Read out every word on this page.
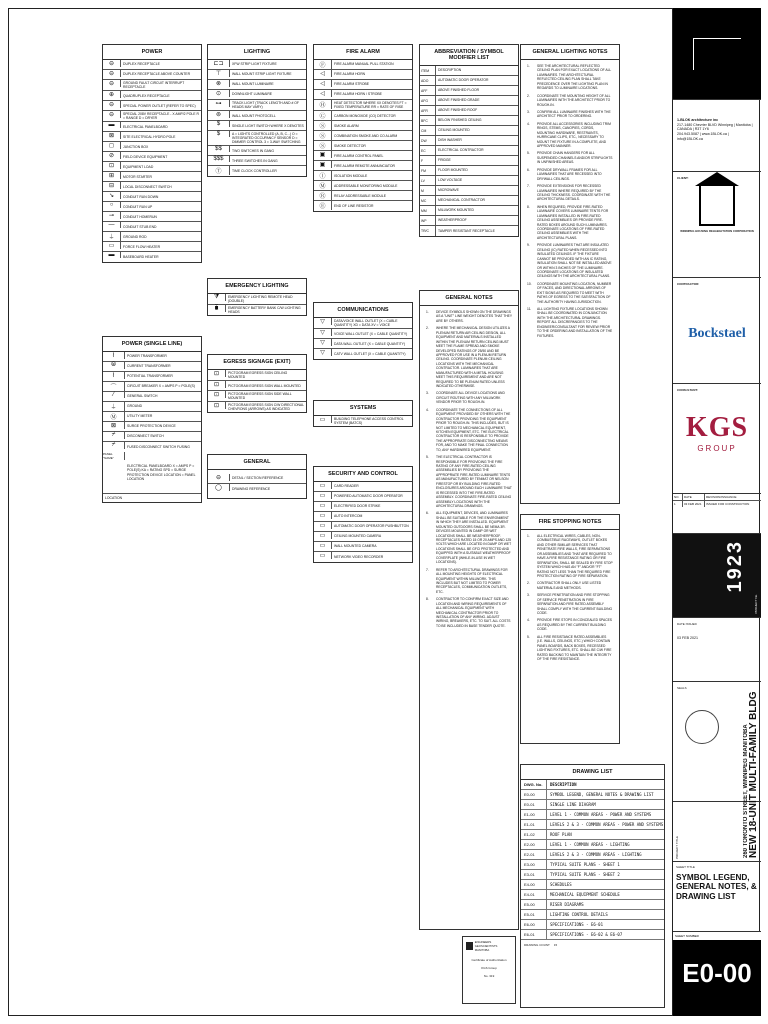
POWER
⊖	DUPLEX RECEPTACLE
⊖	DUPLEX RECEPTACLE ABOVE COUNTER
⊖	GROUND FAULT CIRCUIT INTERRUPT RECEPTACLE
⊕	QUADRUPLEX RECEPTACLE
⊖	SPECIAL POWER OUTLET (REFER TO SPEC)
⊖	SPECIAL 208V RECEPTACLE - X AMP/2 POLE R = RANGE D = DRYER
▬	ELECTRICAL PANELBOARD
⊠	SITE ELECTRICAL HYDRO POLE
◻	JUNCTION BOX
⊘	FIELD DEVICE EQUIPMENT
⊡	EQUIPMENT LOAD
⊞	MOTOR STARTER
⊟	LOCAL DISCONNECT SWITCH
↘	CONDUIT RUN DOWN
○	CONDUIT RUN UP
⊸	CONDUIT HOMERUN
—	CONDUIT STUB END
⏚	GROUND ROD
▭	FORCE FLOW HEATER
▬	BASEBOARD HEATER
POWER (SINGLE LINE)
⌇	POWER TRANSFORMER
⦾	CURRENT TRANSFORMER
⌇	POTENTIAL TRANSFORMER
⌒	CIRCUIT BREAKER X = AMPS P = POLE(S)
⁄	GENERAL SWITCH
⏚	GROUND
Ⓜ	UTILITY METER
⊠	SURGE PROTECTION DEVICE
⌿	DISCONNECT SWITCH
⌿	FUSED DISCONNECT SWITCH FUSING
PANEL "NAME"
ELECTRICAL PANELBOARD X = AMPS P = POLE(S) KA = RATING SPD = SURGE PROTECTION DEVICE LOCATION = PANEL LOCATION
LOCATION
LIGHTING
⊏⊐	XFW STRIP LIGHT FIXTURE
⊤	WALL MOUNT STRIP LIGHT FIXTURE
⊗	WALL MOUNT LUMINAIRE
⊙	DOWNLIGHT LUMINAIRE
⊶	TRACK LIGHT (TRACK LENGTH AND # OF HEADS MAY VARY)
⊚	WALL MOUNT PHOTOCELL
$	SINGLE LIGHT SWITCH WHERE X DENOTES
$	A = LIGHTS CONTROLLED (A, B, C...) O = INTEGRATED OCCUPANCY SENSOR D = DIMMER CONTROL 3 = 3-WAY SWITCHING
$$	TWO SWITCHES IN GANG
$$$	THREE SWITCHES IN GANG
Ⓣ	TIME CLOCK CONTROLLER
EMERGENCY LIGHTING
⧩	EMERGENCY LIGHTING REMOTE HEAD (DOUBLE)
⧯	EMERGENCY BATTERY BANK C/W LIGHTING HEADS
EGRESS SIGNAGE (EXIT)
⊡	PICTOGRAM EGRESS SIGN CEILING MOUNTED
⊡	PICTOGRAM EGRESS SIGN WALL MOUNTED
⊡	PICTOGRAM EGRESS SIGN SIDE WALL MOUNTED
⊡	PICTOGRAM EGRESS SIGN C/W DIRECTIONAL CHEVRONS (ARROWS) AS INDICATED
GENERAL
⊖	DETAIL / SECTION REFERENCE
◯	DRAWING REFERENCE
FIRE ALARM
Ⓕ	FIRE ALARM MANUAL PULL STATION
◁	FIRE ALARM HORN
◁	FIRE ALARM STROBE
◁	FIRE ALARM HORN / STROBE
Ⓗ	HEAT DETECTOR WHERE XX DENOTES FT = FIXED TEMPERATURE RR = RATE OF RISE
Ⓒ	CARBON MONOXIDE (CO) DETECTOR
Ⓢ	SMOKE ALARM
Ⓢ	COMBINATION SMOKE AND CO ALARM
Ⓢ	SMOKE DETECTOR
▣	FIRE ALARM CONTROL PANEL
▣	FIRE ALARM REMOTE ANNUNCIATOR
Ⓘ	ISOLATION MODULE
Ⓜ	ADDRESSABLE MONITORING MODULE
Ⓡ	RELAY ADDRESSABLE MODULE
Ⓔ	END OF LINE RESISTOR
COMMUNICATIONS
▽	DATA/VOICE WALL OUTLET (X = CABLE QUANTITY) XD = DATA XV = VOICE
▽	VOICE WALL OUTLET (X = CABLE QUANTITY)
▽	DATA WALL OUTLET (X = CABLE QUANTITY)
▽	CATV WALL OUTLET (X = CABLE QUANTITY)
SYSTEMS
▭	BUILDING TELEPHONE ACCESS CONTROL SYSTEM (BATCS)
SECURITY AND CONTROL
▭	CARD READER
▭	POWERED AUTOMATIC DOOR OPERATOR
▭	ELECTRIFIED DOOR STRIKE
▭	AUTO INTERCOM
▭	AUTOMATIC DOOR OPERATOR PUSHBUTTON
▭	CEILING MOUNTED CAMERA
▭	WALL MOUNTED CAMERA
▭	NETWORK VIDEO RECORDER
ABBREVIATION / SYMBOL MODIFIER LIST
ITEM	DESCRIPTION
ADO	AUTOMATIC DOOR OPERATOR
AFF	ABOVE FINISHED FLOOR
AFG	ABOVE FINISHED GRADE
AFR	ABOVE FINISHED ROOF
BFC	BELOW FINISHED CEILING
CM	CEILING MOUNTED
DW	DISH WASHER
EC	ELECTRICAL CONTRACTOR
F	FRIDGE
FM	FLOOR MOUNTED
LV	LOW VOLTAGE
M	MICROWAVE
MC	MECHANICAL CONTRACTOR
MM	MILLWORK MOUNTED
WP	WEATHERPROOF
TR/C	TAMPER RESISTANT RECEPTACLE
GENERAL NOTES
1.	DEVICE SYMBOLS SHOWN ON THE DRAWINGS AS A "UNIT" LINE WEIGHT DENOTES THAT THEY ARE BY OTHERS.
2.	WHERE THE MECHANICAL DESIGN UTILIZES A PLENUM RETURN AIR CEILING DESIGN, ALL EQUIPMENT AND MATERIALS INSTALLED WITHIN THE PLENUM RETURN CEILING MUST MEET THE FLAME SPREAD AND SMOKE DEVELOPED RATINGS OF 25/50 AND BE APPROVED FOR USE IN A PLENUM RETURN CEILING. COORDINATE PLENUM CEILING LOCATIONS WITH THE MECHANICAL CONTRACTOR. LUMINAIRES THAT ARE MANUFACTURED WITH A METAL HOUSING MEET THIS REQUIREMENT AND ARE NOT REQUIRED TO BE PLENUM RATED UNLESS INDICATED OTHERWISE.
3.	COORDINATE ALL DEVICE LOCATIONS AND CIRCUIT ROUTING WITH ANY MILLWORK VENDOR PRIOR TO ROUGH-IN.
4.	COORDINATE THE CONNECTIONS OF ALL EQUIPMENT PROVIDED BY OTHERS WITH THE CONTRACTOR PROVIDING THE EQUIPMENT PRIOR TO ROUGH-IN. THIS INCLUDES, BUT IS NOT LIMITED TO MECHANICAL EQUIPMENT, KITCHEN EQUIPMENT, ETC. THE ELECTRICAL CONTRACTOR IS RESPONSIBLE TO PROVIDE THE APPROPRIATE DISCONNECTING MEANS FOR, AND TO MAKE THE FINAL CONNECTION TO, ANY HARDWIRED EQUIPMENT.
5.	THE ELECTRICAL CONTRACTOR IS RESPONSIBLE FOR PROVIDING THE FIRE RATING OF ANY FIRE-RATED CEILING ASSEMBLIES BY PROVIDING THE APPROPRIATE FIRE-RATED LUMINAIRE TENTS AS MANUFACTURED BY TENMAT OR NELSON FIRESTOP OR BY BUILDING FIRE-RATED ENCLOSURES AROUND EACH LUMINAIRE THAT IS RECESSED INTO THE FIRE-RATED ASSEMBLY. COORDINATE FIRE-RATED CEILING ASSEMBLY LOCATIONS WITH THE ARCHITECTURAL DRAWINGS.
6.	ALL EQUIPMENT, DEVICES, AND LUMINAIRES SHALL BE SUITABLE FOR THE ENVIRONMENT IN WHICH THEY ARE INSTALLED. EQUIPMENT MOUNTED OUTDOORS SHALL BE NEMA 3R. DEVICES MOUNTED IN DAMP OR WET LOCATIONS SHALL BE WEATHERPROOF. RECEPTACLES RATED 15 OR 20 AMPS AND 125 VOLTS WHICH ARE LOCATED IN DAMP OR WET LOCATIONS SHALL BE GFCI PROTECTED AND EQUIPPED WITH A SUITABLE WEATHERPROOF COVERPLATE (WHILE-IN-USE IN WET LOCATIONS).
7.	REFER TO ARCHITECTURAL DRAWINGS FOR ALL MOUNTING HEIGHTS OF ELECTRICAL EQUIPMENT WITHIN MILLWORK. THIS INCLUDES BUT NOT LIMITED TO POWER RECEPTACLES, COMMUNICATION OUTLETS, ETC.
8.	CONTRACTOR TO CONFIRM EXACT SIZE AND LOCATION AND WIRING REQUIREMENTS OF ALL MECHANICAL EQUIPMENT WITH MECHANICAL CONTRACTOR PRIOR TO INSTALLATION OF ANY WIRING. ADJUST WIRING, BREAKERS, ETC. TO SUIT. ALL COSTS TO BE INCLUDED IN BASE TENDER QUOTE.
GENERAL LIGHTING NOTES
1.	SEE THE ARCHITECTURAL REFLECTED CEILING PLAN FOR EXACT LOCATIONS OF ALL LUMINAIRES. THE ARCHITECTURAL REFLECTED CEILING PLAN SHALL TAKE PRECEDENCE OVER THE LIGHTING PLAN IN REGARDS TO LUMINAIRE LOCATIONS.
2.	COORDINATE THE MOUNTING HEIGHT OF ALL LUMINAIRES WITH THE ARCHITECT PRIOR TO ROUGH-IN.
3.	CONFIRM ALL LUMINAIRE FINISHES WITH THE ARCHITECT PRIOR TO ORDERING.
4.	PROVIDE ALL ACCESSORIES INCLUDING TRIM RINGS, STEMS, CANOPIES, CORDS, MOUNTING HARDWARE, RESTRAINTS, HURRICANE CLIPS, ETC., NECESSARY TO MOUNT THE FIXTURE IN A COMPLETE, AND APPROVED MANNER.
5.	PROVIDE CHAIN HANGERS FOR ALL SUSPENDED CHANNELS AND/OR STRIPLIGHTS IN UNFINISHED AREAS.
6.	PROVIDE DRYWALL FRAMES FOR ALL LUMINAIRES THAT ARE RECESSED INTO DRYWALL CEILINGS.
7.	PROVIDE EXTENSIONS FOR RECESSED LUMINAIRES WHERE REQUIRED BY THE CEILING THICKNESS. COORDINATE WITH THE ARCHITECTURAL DETAILS.
8.	WHEN REQUIRED, PROVIDE FIRE-RATED LUMINAIRE COVERS LUMINAIRE TENTS FOR LUMINAIRES INSTALLED IN FIRE-RATED CEILING ASSEMBLIES OR PROVIDE FIRE-RATED BOXES AROUND SUCH LUMINAIRES. COORDINATE LOCATIONS OF FIRE-RATED CEILING ASSEMBLIES WITH THE ARCHITECTURAL PLANS.
9.	PROVIDE LUMINAIRES THAT ARE INSULATED CEILING (IC) RATED WHEN RECESSED INTO INSULATED CEILINGS. IF THE FIXTURE CANNOT BE PROVIDED WITH AN IC RATING, INSULATION SHALL NOT BE INSTALLED ABOVE OR WITHIN 3 INCHES OF THE LUMINAIRE. COORDINATE LOCATIONS OF INSULATED CEILINGS WITH THE ARCHITECTURAL PLANS.
10.	COORDINATE MOUNTING LOCATION, NUMBER OF FACES, AND DIRECTIONAL ARROWS OF EXIT SIGNS AS REQUIRED TO MEET WITH PATHS OF EGRESS TO THE SATISFACTION OF THE AUTHORITY HAVING JURISDICTION.
11.	ALL LIGHTING FIXTURE LOCATIONS SHOWN SHALL BE COORDINATED IN CONJUNCTION WITH THE ARCHITECTURAL DRAWINGS. REPORT ALL DISCREPANCIES TO THE ENGINEER/CONSULTANT FOR REVIEW PRIOR TO THE ORDERING AND INSTALLATION OF THE FIXTURES.
FIRE STOPPING NOTES
1.	ALL ELECTRICAL WIRES, CABLES, NON-COMBUSTIBLE RACEWAYS, OUTLET BOXES AND OTHER SIMILAR SERVICES THAT PENETRATE FIRE WALLS, FIRE SEPARATIONS OR ASSEMBLIES AND THAT ARE REQUIRED TO HAVE A FIRE RESISTANCE RATING OR FIRE SEPARATION, SHALL BE SEALED BY FIRE STOP SYSTEM WHICH HAS AN "F" AND/OR "FT" RATING NOT LESS THAN THE REQUIRED FIRE PROTECTION RATING OF FIRE SEPARATION.
2.	CONTRACTOR SHALL ONLY USE LISTED MATERIALS AND METHODS.
3.	SERVICE PENETRATION AND FIRE STOPPING OF SERVICE PENETRATION IN FIRE SEPARATION AND FIRE RATED ASSEMBLY SHALL COMPLY WITH THE CURRENT BUILDING CODE.
4.	PROVIDE FIRE STOPS IN CONCEALED SPACES AS REQUIRED BY THE CURRENT BUILDING CODE.
5.	ALL FIRE RESISTANCE RATED ASSEMBLIES (I.E. WALLS, CEILINGS, ETC.) WHICH CONTAIN PANEL BOARDS, BACK BOXES, RECESSED LIGHTING FIXTURES, ETC. SHALL BE C/W FIRE RATED BACKING TO MAINTAIN THE INTEGRITY OF THE FIRE RESISTANCE.
DRAWING LIST
DWG. No.	DESCRIPTION
E0-00	SYMBOL LEGEND, GENERAL NOTES & DRAWING LIST
E0-01	SINGLE LINE DIAGRAM
E1-00	LEVEL 1 - COMMON AREAS - POWER AND SYSTEMS
E1-01	LEVELS 2 & 3 - COMMON AREAS - POWER AND SYSTEMS
E1-02	ROOF PLAN
E2-00	LEVEL 1 - COMMON AREAS - LIGHTING
E2-01	LEVELS 2 & 3 - COMMON AREAS - LIGHTING
E3-00	TYPICAL SUITE PLANS - SHEET 1
E3-01	TYPICAL SUITE PLANS - SHEET 2
E4-00	SCHEDULES
E4-01	MECHANICAL EQUIPMENT SCHEDULE
E5-00	RISER DIAGRAMS
E5-01	LIGHTING CONTROL DETAILS
E6-00	SPECIFICATIONS - E6-01
E6-01	SPECIFICATIONS - E6-02 & E6-07
DRAWING COUNT 15
ENGINEERS GEOSCIENTISTS MANITOBA
Certificate of Authorization
KGS Group
No. 319
1-BLOK architecture inc
217-1480 Chevrier BLVD Winnipeg | Manitoba | CANADA | R3T 1Y6
204.943.5087 | www.1BLOK.ca |
info@1BLOK.ca
CLIENT:
WINNIPEG HOUSING REHABILITATION CORPORATION
CONTRACTOR:
Bockstael
CONSULTANT:
KGS
GROUP
NO.	DATE	REVISION/ISSUANCE
1	03 FEB 2021	ISSUED FOR CONSTRUCTION
PROJECT No.
1923
DATE ISSUED
03 FEB 2021
SEALS
PROJECT TITLE	NEW 18-UNIT MULTI-FAMILY BLDG
260 TORONTO STREET, WINNIPEG MANITOBA
SHEET TITLE
SYMBOL LEGEND, GENERAL NOTES, & DRAWING LIST
SHEET NUMBER
E0-00
